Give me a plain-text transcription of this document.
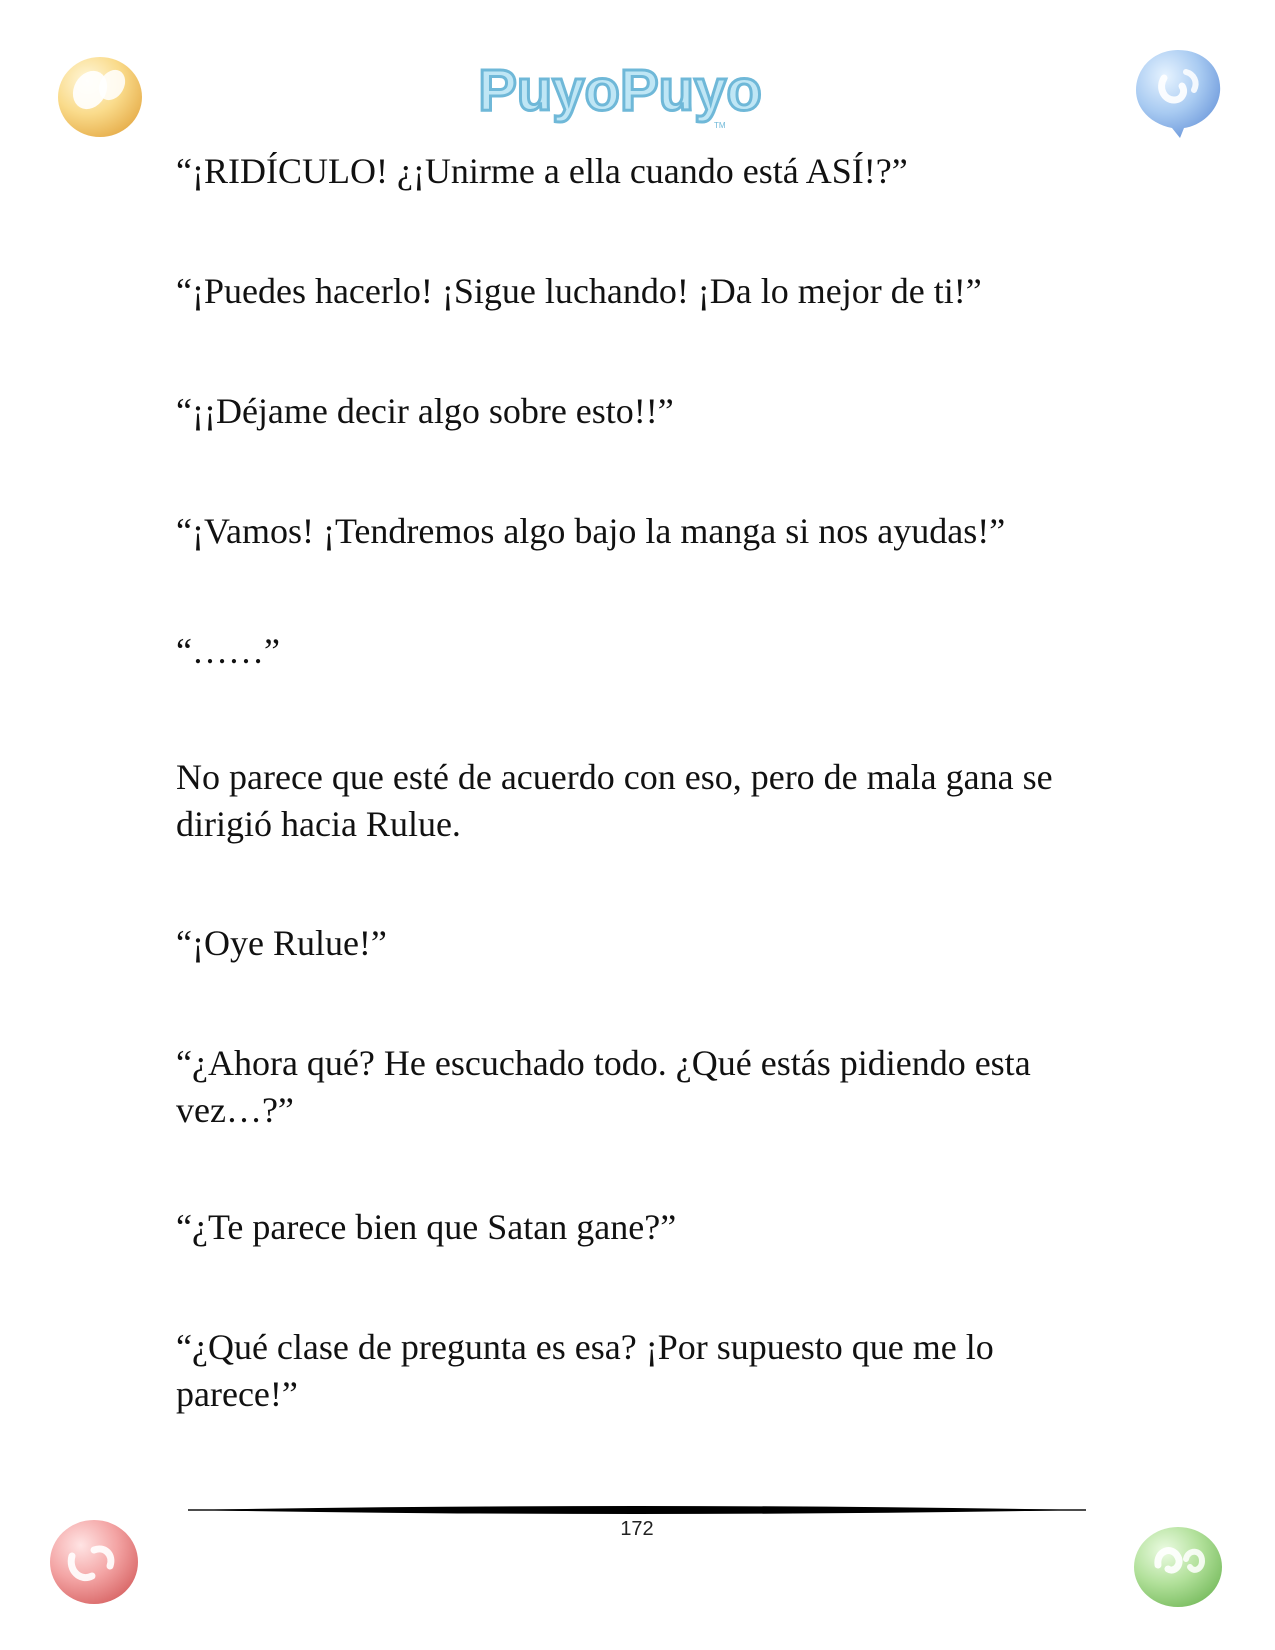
PuyoPuyo
TM

“¡RIDÍCULO! ¿¡Unirme a ella cuando está ASÍ!?”

“¡Puedes hacerlo! ¡Sigue luchando! ¡Da lo mejor de ti!”

“¡¡Déjame decir algo sobre esto!!”

“¡Vamos! ¡Tendremos algo bajo la manga si nos ayudas!”

“……”

No parece que esté de acuerdo con eso, pero de mala gana se dirigió hacia Rulue.

“¡Oye Rulue!”

“¿Ahora qué? He escuchado todo. ¿Qué estás pidiendo esta vez…?”

“¿Te parece bien que Satan gane?”

“¿Qué clase de pregunta es esa? ¡Por supuesto que me lo parece!”

172
